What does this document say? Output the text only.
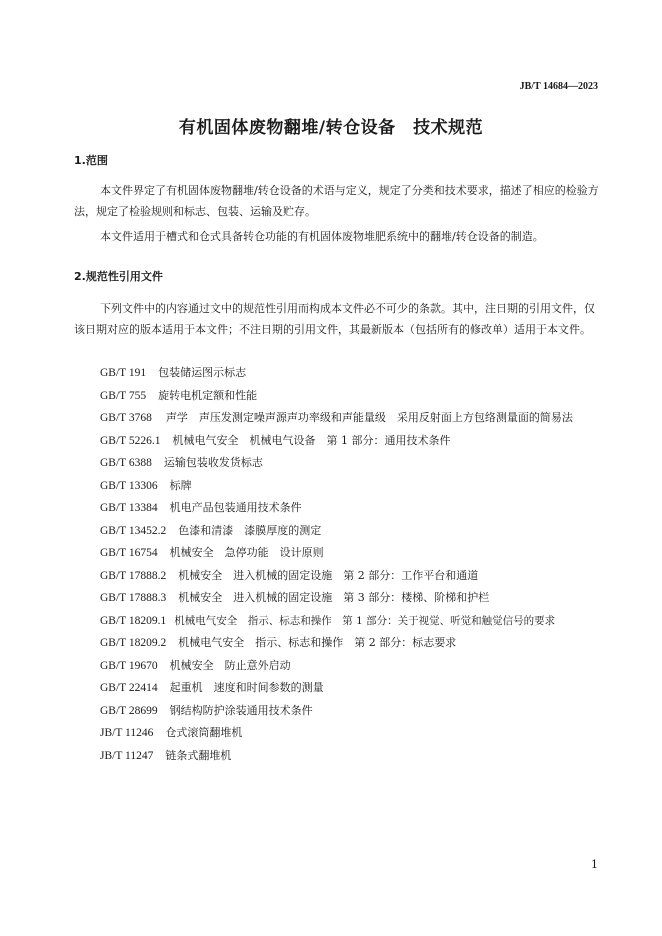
JB/T 14684—2023
有机固体废物翻堆/转仓设备　技术规范
1.范围
本文件界定了有机固体废物翻堆/转仓设备的术语与定义，规定了分类和技术要求，描述了相应的检验方法，规定了检验规则和标志、包装、运输及贮存。
本文件适用于槽式和仓式具备转仓功能的有机固体废物堆肥系统中的翻堆/转仓设备的制造。
2.规范性引用文件
下列文件中的内容通过文中的规范性引用而构成本文件必不可少的条款。其中，注日期的引用文件，仅该日期对应的版本适用于本文件；不注日期的引用文件，其最新版本（包括所有的修改单）适用于本文件。
GB/T 191 包装储运图示标志
GB/T 755 旋转电机定额和性能
GB/T 3768 声学　声压发测定噪声源声功率级和声能量级　采用反射面上方包络测量面的简易法
GB/T 5226.1 机械电气安全　机械电气设备　第 1 部分：通用技术条件
GB/T 6388 运输包装收发货标志
GB/T 13306 标牌
GB/T 13384 机电产品包装通用技术条件
GB/T 13452.2 色漆和清漆　漆膜厚度的测定
GB/T 16754 机械安全　急停功能　设计原则
GB/T 17888.2 机械安全　进入机械的固定设施　第 2 部分：工作平台和通道
GB/T 17888.3 机械安全　进入机械的固定设施　第 3 部分：楼梯、阶梯和护栏
GB/T 18209.1 机械电气安全　指示、标志和操作　第 1 部分：关于视觉、听觉和触觉信号的要求
GB/T 18209.2 机械电气安全　指示、标志和操作　第 2 部分：标志要求
GB/T 19670 机械安全　防止意外启动
GB/T 22414 起重机　速度和时间参数的测量
GB/T 28699 钢结构防护涂装通用技术条件
JB/T 11246 仓式滚筒翻堆机
JB/T 11247 链条式翻堆机
1
